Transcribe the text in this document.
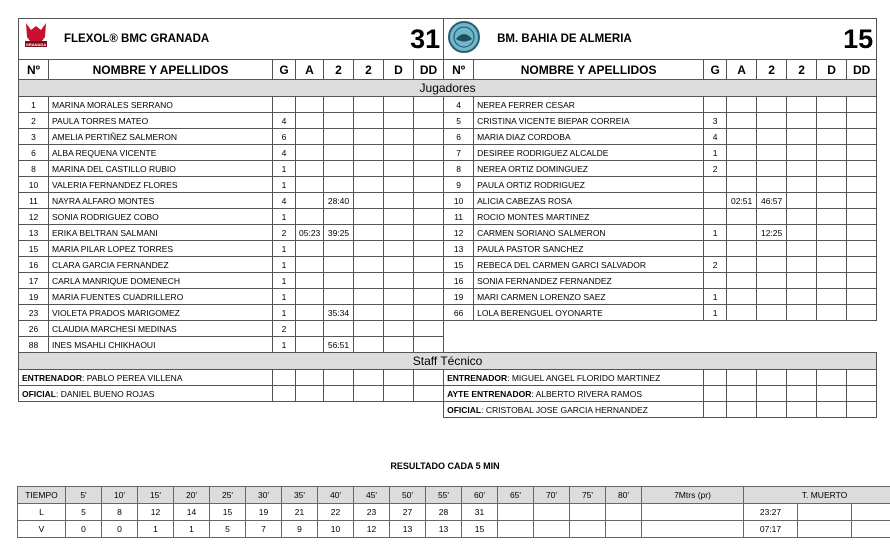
GRANADA FLEXOL® BMC GRANADA 31								BM. BAHIA DE ALMERIA 15							

Nº	NOMBRE Y APELLIDOS	G	A	2	2	D	DD	Nº	NOMBRE Y APELLIDOS	G	A	2	2	D	DD
Jugadores															
1	MARINA MORALES SERRANO							4	NEREA FERRER CESAR						
2	PAULA TORRES MATEO	4						5	CRISTINA VICENTE BIEPAR CORREIA	3					
3	AMELIA PERTIÑEZ SALMERON	6						6	MARIA DIAZ CORDOBA	4					
6	ALBA REQUENA VICENTE	4						7	DESIREE RODRIGUEZ ALCALDE	1					
8	MARINA DEL CASTILLO RUBIO	1						8	NEREA ORTIZ DOMINGUEZ	2					
10	VALERIA FERNANDEZ FLORES	1						9	PAULA ORTIZ RODRIGUEZ						
11	NAYRA ALFARO MONTES	4		28:40				10	ALICIA CABEZAS ROSA		02:51	46:57			
12	SONIA RODRIGUEZ COBO	1						11	ROCIO MONTES MARTINEZ						
13	ERIKA BELTRAN SALMANI	2	05:23	39:25				12	CARMEN SORIANO SALMERON	1		12:25			
15	MARIA PILAR LOPEZ TORRES	1						13	PAULA PASTOR SANCHEZ						
16	CLARA GARCIA FERNANDEZ	1						15	REBECA DEL CARMEN GARCI SALVADOR	2					
17	CARLA MANRIQUE DOMENECH	1						16	SONIA FERNANDEZ FERNANDEZ						
19	MARIA FUENTES CUADRILLERO	1						19	MARI CARMEN LORENZO SAEZ	1					
23	VIOLETA PRADOS MARIGOMEZ	1		35:34				66	LOLA BERENGUEL OYONARTE	1					
26	CLAUDIA MARCHESI MEDINAS	2													
88	INES MSAHLI CHIKHAOUI	1		56:51											
Staff Técnico															
ENTRENADOR: PABLO PEREA VILLENA								ENTRENADOR: MIGUEL ANGEL FLORIDO MARTINEZ							
OFICIAL: DANIEL BUENO ROJAS								AYTE ENTRENADOR: ALBERTO RIVERA RAMOS							
								OFICIAL: CRISTOBAL JOSE GARCIA HERNANDEZ							
RESULTADO CADA 5 MIN
TIEMPO	5'	10'	15'	20'	25'	30'	35'	40'	45'	50'	55'	60'	65'	70'	75'	80'	7Mtrs (pr)	T. MUERTO		
L	5	8	12	14	15	19	21	22	23	27	28	31						23:27		
V	0	0	1	1	5	7	9	10	12	13	13	15						07:17		
